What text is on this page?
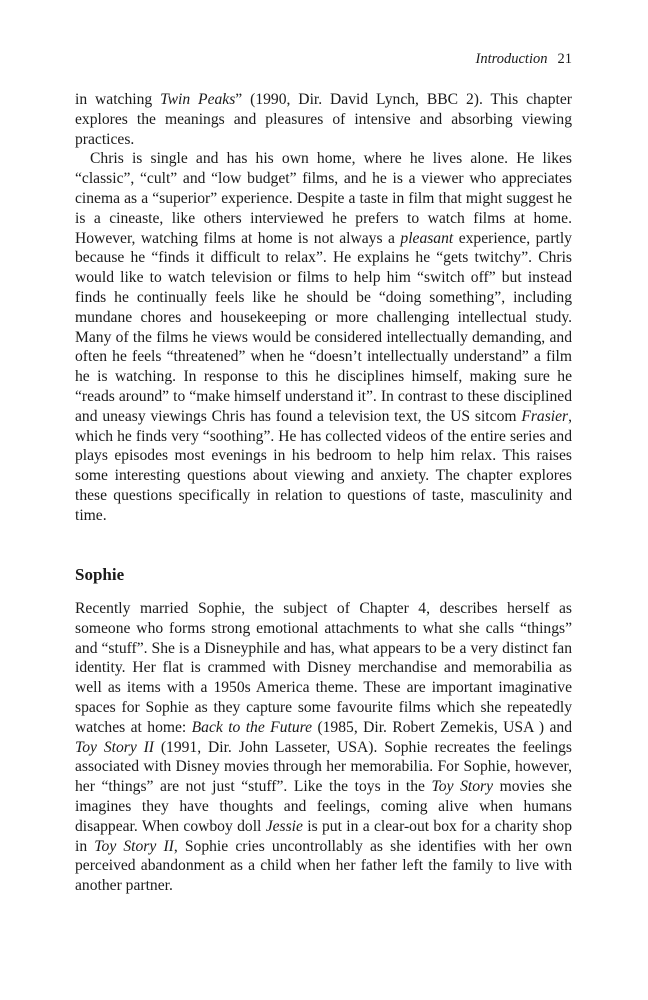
Introduction 21

in watching Twin Peaks” (1990, Dir. David Lynch, BBC 2). This chapter explores the meanings and pleasures of intensive and absorbing viewing practices.

Chris is single and has his own home, where he lives alone. He likes “classic”, “cult” and “low budget” films, and he is a viewer who appreciates cinema as a “superior” experience. Despite a taste in film that might suggest he is a cineaste, like others interviewed he prefers to watch films at home. However, watching films at home is not always a pleasant experience, partly because he “finds it difficult to relax”. He explains he “gets twitchy”. Chris would like to watch television or films to help him “switch off” but instead finds he continually feels like he should be “doing something”, including mundane chores and housekeeping or more challenging intellectual study. Many of the films he views would be considered intellectually demanding, and often he feels “threatened” when he “doesn’t intellectually understand” a film he is watching. In response to this he disciplines himself, making sure he “reads around” to “make himself understand it”. In contrast to these disciplined and uneasy viewings Chris has found a television text, the US sitcom Frasier, which he finds very “soothing”. He has collected videos of the entire series and plays episodes most evenings in his bedroom to help him relax. This raises some interesting questions about viewing and anxiety. The chapter explores these questions specifically in relation to questions of taste, masculinity and time.

Sophie

Recently married Sophie, the subject of Chapter 4, describes herself as someone who forms strong emotional attachments to what she calls “things” and “stuff”. She is a Disneyphile and has, what appears to be a very distinct fan identity. Her flat is crammed with Disney merchandise and memorabilia as well as items with a 1950s America theme. These are important imaginative spaces for Sophie as they capture some favourite films which she repeatedly watches at home: Back to the Future (1985, Dir. Robert Zemekis, USA ) and Toy Story II (1991, Dir. John Lasseter, USA). Sophie recreates the feelings associated with Disney movies through her memorabilia. For Sophie, however, her “things” are not just “stuff”. Like the toys in the Toy Story movies she imagines they have thoughts and feelings, coming alive when humans disappear. When cowboy doll Jessie is put in a clear-out box for a charity shop in Toy Story II, Sophie cries uncontrollably as she identifies with her own perceived abandonment as a child when her father left the family to live with another partner.
